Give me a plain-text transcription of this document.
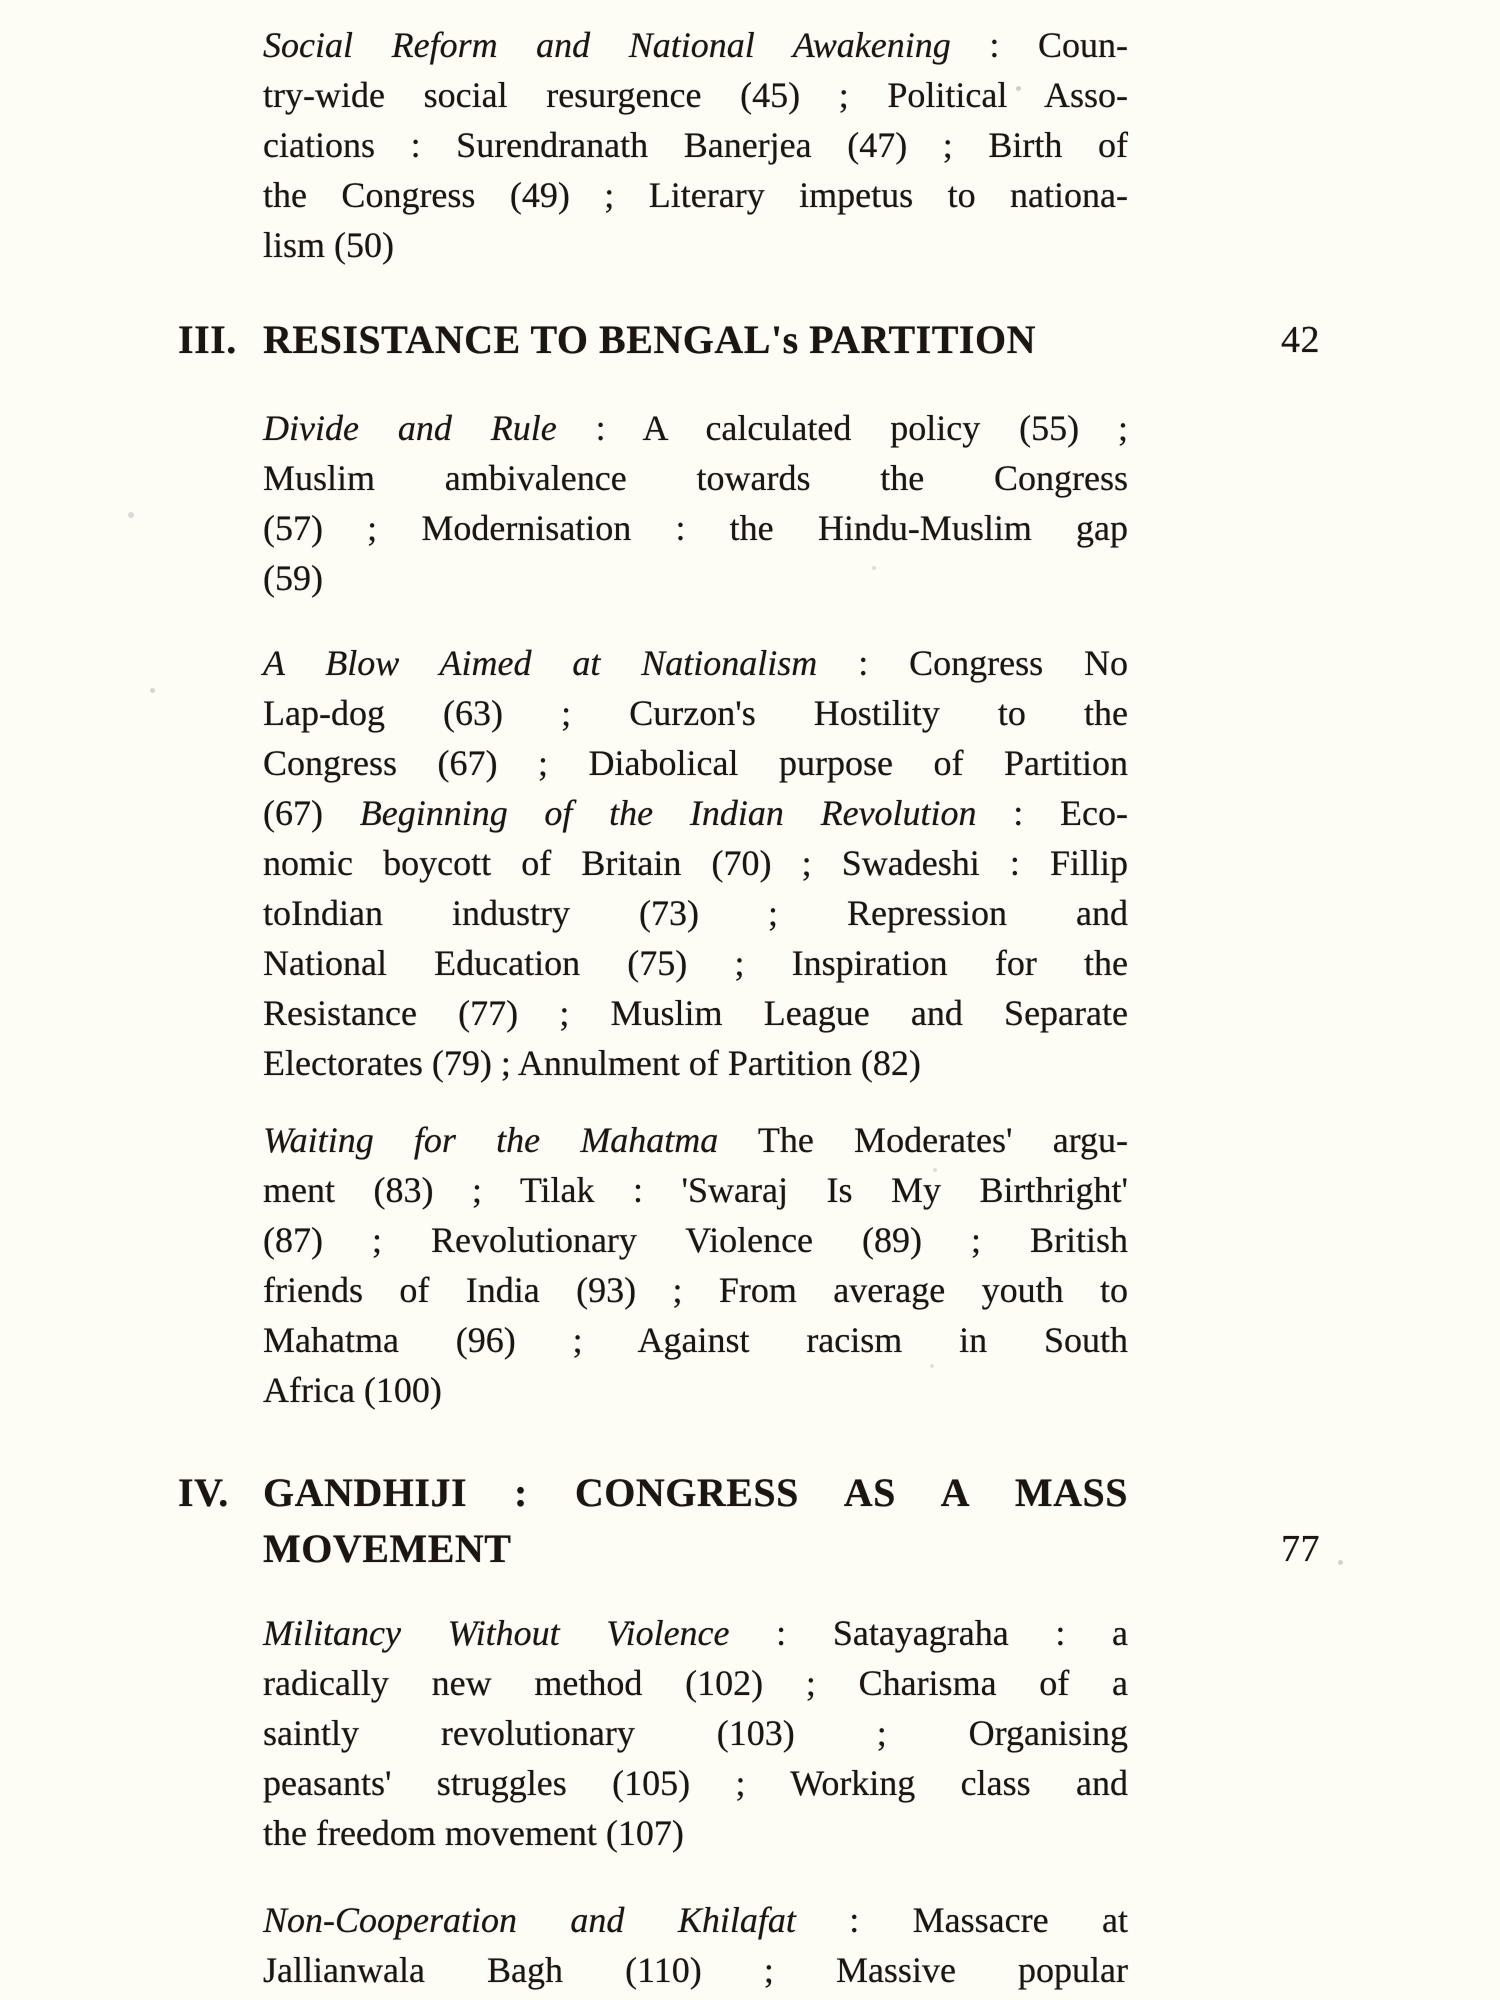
Social Reform and National Awakening : Coun-
try-wide social resurgence (45) ; Political Asso-
ciations : Surendranath Banerjea (47) ; Birth of
the Congress (49) ; Literary impetus to nationa-
lism (50)
III. RESISTANCE TO BENGAL's PARTITION	42
Divide and Rule : A calculated policy (55) ;
Muslim ambivalence towards the Congress
(57) ; Modernisation : the Hindu-Muslim gap
(59)
A Blow Aimed at Nationalism : Congress No
Lap-dog (63) ; Curzon's Hostility to the
Congress (67) ; Diabolical purpose of Partition
(67) Beginning of the Indian Revolution : Eco-
nomic boycott of Britain (70) ; Swadeshi : Fillip
toIndian industry (73) ; Repression and
National Education (75) ; Inspiration for the
Resistance (77) ; Muslim League and Separate
Electorates (79) ; Annulment of Partition (82)
Waiting for the Mahatma The Moderates' argu-
ment (83) ; Tilak : 'Swaraj Is My Birthright'
(87) ; Revolutionary Violence (89) ; British
friends of India (93) ; From average youth to
Mahatma (96) ; Against racism in South
Africa (100)
IV. GANDHIJI : CONGRESS AS A MASS
MOVEMENT	77
Militancy Without Violence : Satayagraha : a
radically new method (102) ; Charisma of a
saintly revolutionary (103) ; Organising
peasants' struggles (105) ; Working class and
the freedom movement (107)
Non-Cooperation and Khilafat : Massacre at
Jallianwala Bagh (110) ; Massive popular
